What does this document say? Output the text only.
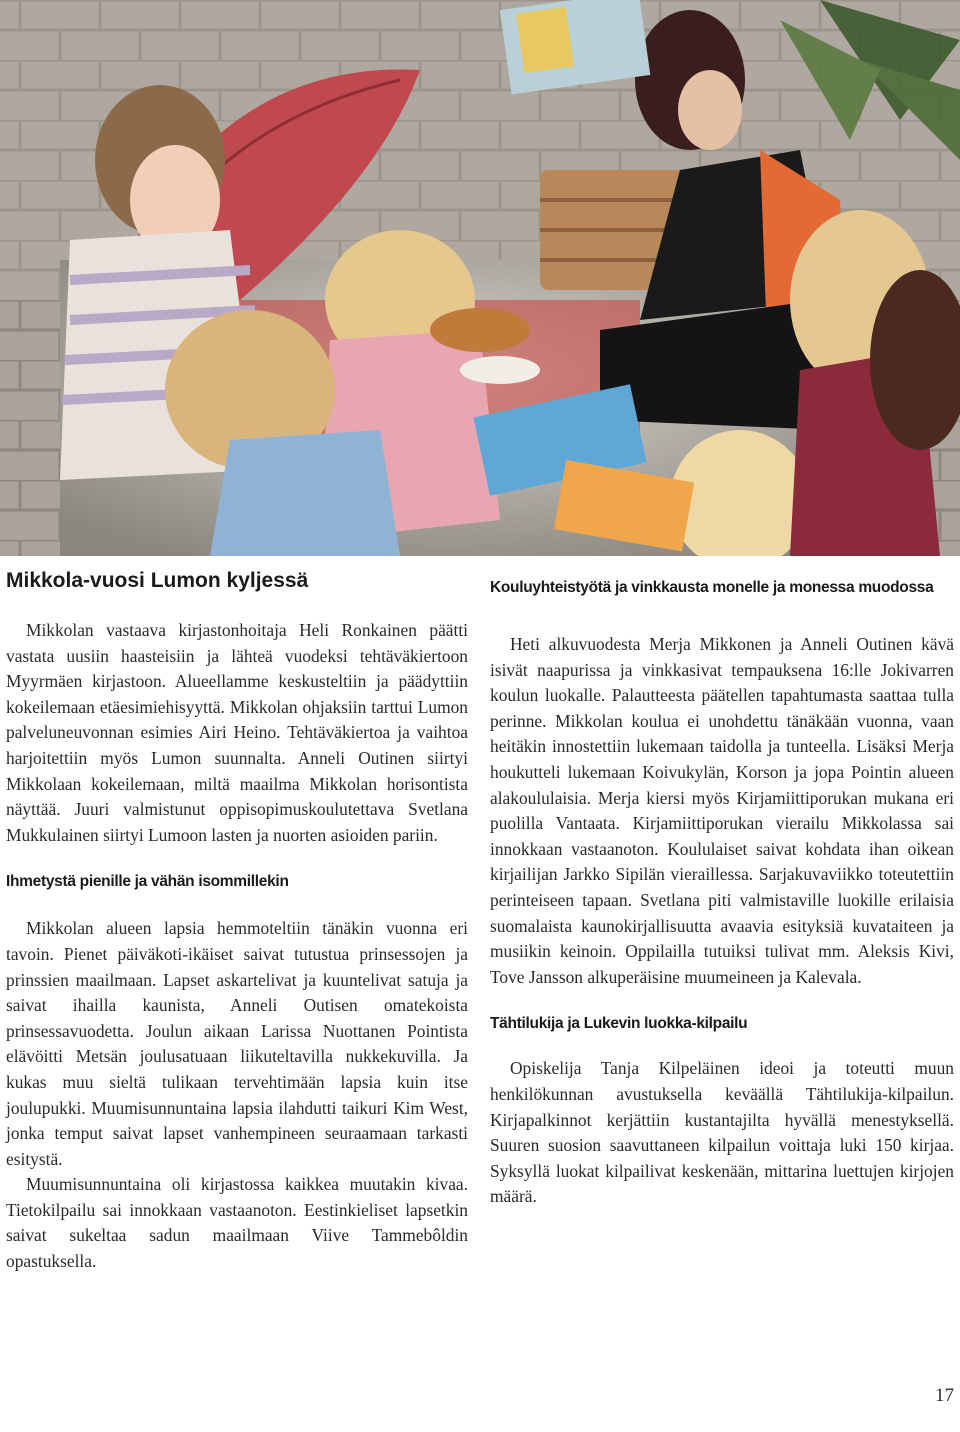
Mikkola-vuosi Lumon kyljessä

Mikkolan vastaava kirjastonhoitaja Heli Ronkainen päätti vastata uusiin haasteisiin ja lähteä vuodeksi tehtäväkiertoon Myyrmäen kirjastoon. Alueellamme keskusteltiin ja päädyttiin kokeilemaan etäesimiehisyyttä. Mikkolan ohjaksiin tarttui Lumon palveluneuvonnan esimies Airi Heino. Tehtäväkiertoa ja vaihtoa harjoitettiin myös Lumon suunnalta. Anneli Outinen siirtyi Mikkolaan kokeilemaan, miltä maailma Mikkolan horisontista näyttää. Juuri valmistunut oppisopimuskoulutettava Svetlana Mukkulainen siirtyi Lumoon lasten ja nuorten asioiden pariin.

Ihmetystä pienille ja vähän isommillekin

Mikkolan alueen lapsia hemmoteltiin tänäkin vuonna eri tavoin. Pienet päiväkoti-ikäiset saivat tutustua prinsessojen ja prinssien maailmaan. Lapset askartelivat ja kuuntelivat satuja ja saivat ihailla kaunista, Anneli Outisen omatekoista prinsessavuodetta. Joulun aikaan Larissa Nuottanen Pointista elävöitti Metsän joulusatuaan liikuteltavilla nukkekuvilla. Ja kukas muu sieltä tulikaan tervehtimään lapsia kuin itse joulupukki. Muumisunnuntaina lapsia ilahdutti taikuri Kim West, jonka temput saivat lapset vanhempineen seuraamaan tarkasti esitystä.

Muumisunnuntaina oli kirjastossa kaikkea muutakin kivaa. Tietokilpailu sai innokkaan vastaanoton. Eestinkieliset lapsetkin saivat sukeltaa sadun maailmaan Viive Tammebôldin opastuksella.

Kouluyhteistyötä ja vinkkausta monelle ja monessa muodossa

Heti alkuvuodesta Merja Mikkonen ja Anneli Outinen kävä isivät naapurissa ja vinkkasivat tempauksena 16:lle Jokivarren koulun luokalle. Palautteesta päätellen tapahtumasta saattaa tulla perinne. Mikkolan koulua ei unohdettu tänäkään vuonna, vaan heitäkin innostettiin lukemaan taidolla ja tunteella. Lisäksi Merja houkutteli lukemaan Koivukylän, Korson ja jopa Pointin alueen alakoululaisia. Merja kiersi myös Kirjamiittiporukan mukana eri puolilla Vantaata. Kirjamiittiporukan vierailu Mikkolassa sai innokkaan vastaanoton. Koululaiset saivat kohdata ihan oikean kirjailijan Jarkko Sipilän vieraillessa. Sarjakuvaviikko toteutettiin perinteiseen tapaan. Svetlana piti valmistaville luokille erilaisia suomalaista kaunokirjallisuutta avaavia esityksiä kuvataiteen ja musiikin keinoin. Oppilailla tutuiksi tulivat mm. Aleksis Kivi, Tove Jansson alkuperäisine muumeineen ja Kalevala.

Tähtilukija ja Lukevin luokka-kilpailu

Opiskelija Tanja Kilpeläinen ideoi ja toteutti muun henkilökunnan avustuksella keväällä Tähtilukija-kilpailun. Kirjapalkinnot kerjättiin kustantajilta hyvällä menestyksellä. Suuren suosion saavuttaneen kilpailun voittaja luki 150 kirjaa. Syksyllä luokat kilpailivat keskenään, mittarina luettujen kirjojen määrä.

17
